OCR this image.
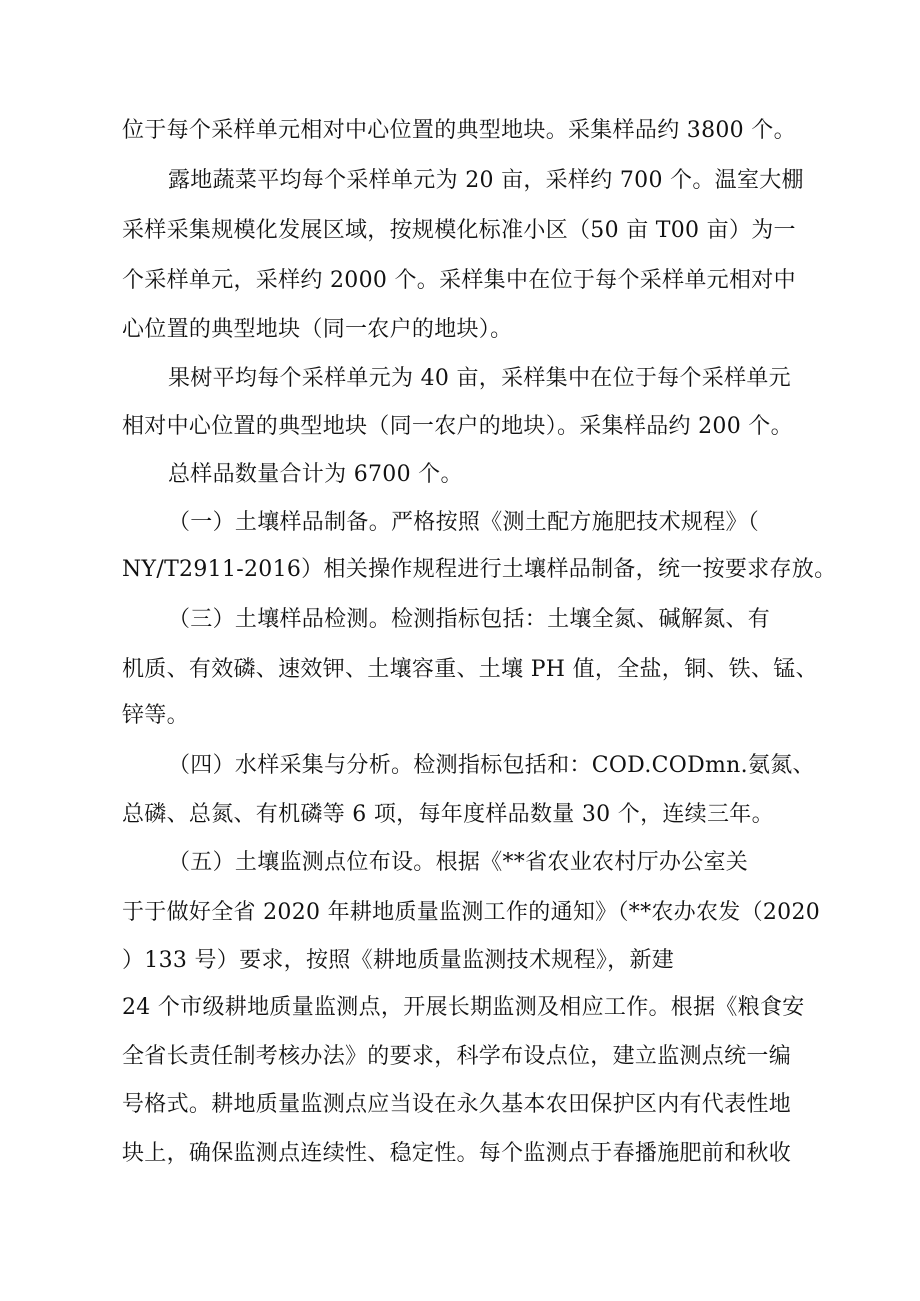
位于每个采样单元相对中心位置的典型地块。采集样品约 3800 个。
露地蔬菜平均每个采样单元为 20 亩，采样约 700 个。温室大棚
采样采集规模化发展区域，按规模化标准小区（50 亩 T00 亩）为一
个采样单元，采样约 2000 个。采样集中在位于每个采样单元相对中
心位置的典型地块（同一农户的地块）。
果树平均每个采样单元为 40 亩，采样集中在位于每个采样单元
相对中心位置的典型地块（同一农户的地块）。采集样品约 200 个。
总样品数量合计为 6700 个。
（一）土壤样品制备。严格按照《测土配方施肥技术规程》（
NY/T2911-2016）相关操作规程进行土壤样品制备，统一按要求存放。
（三）土壤样品检测。检测指标包括：土壤全氮、碱解氮、有
机质、有效磷、速效钾、土壤容重、土壤 PH 值，全盐，铜、铁、锰、
锌等。
（四）水样采集与分析。检测指标包括和：COD.CODmn.氨氮、
总磷、总氮、有机磷等 6 项，每年度样品数量 30 个，连续三年。
（五）土壤监测点位布设。根据《**省农业农村厅办公室关
于于做好全省 2020 年耕地质量监测工作的通知》（**农办农发（2020
）133 号）要求，按照《耕地质量监测技术规程》，新建
24 个市级耕地质量监测点，开展长期监测及相应工作。根据《粮食安
全省长责任制考核办法》的要求，科学布设点位，建立监测点统一编
号格式。耕地质量监测点应当设在永久基本农田保护区内有代表性地
块上，确保监测点连续性、稳定性。每个监测点于春播施肥前和秋收
